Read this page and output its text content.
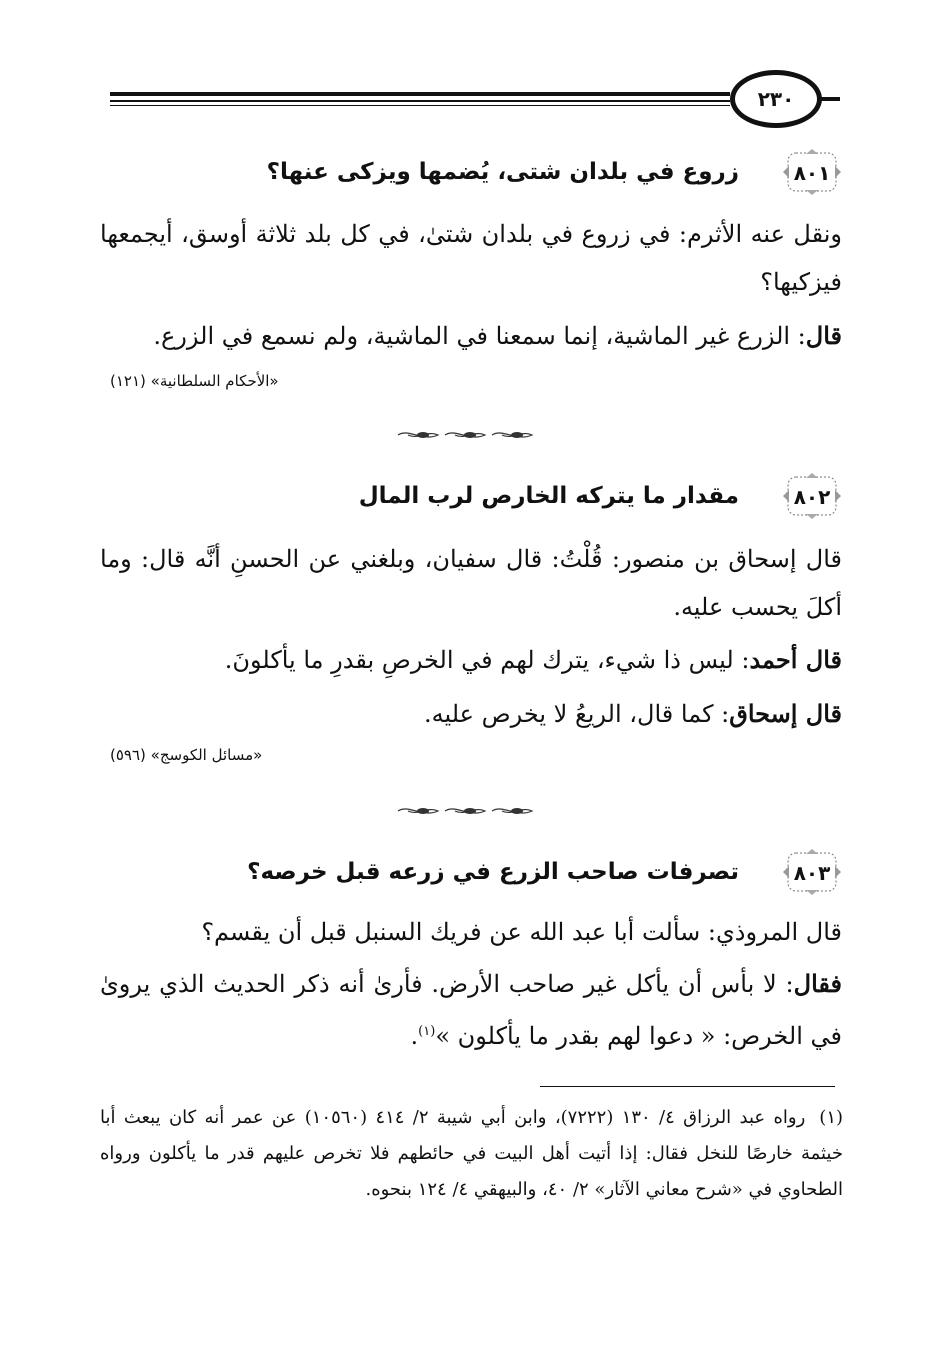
٢٣٠
٨٠١
زروع في بلدان شتى، يُضمها ويزكى عنها؟

ونقل عنه الأثرم: في زروع في بلدان شتىٰ، في كل بلد ثلاثة أوسق، أيجمعها فيزكيها؟

قال: الزرع غير الماشية، إنما سمعنا في الماشية، ولم نسمع في الزرع.

«الأحكام السلطانية» (١٢١)
٨٠٢
مقدار ما يتركه الخارص لرب المال

قال إسحاق بن منصور: قُلْتُ: قال سفيان، وبلغني عن الحسنِ أنَّه قال: وما أكلَ يحسب عليه.

قال أحمد: ليس ذا شيء، يترك لهم في الخرصِ بقدرِ ما يأكلونَ.

قال إسحاق: كما قال، الريعُ لا يخرص عليه.

«مسائل الكوسج» (٥٩٦)
٨٠٣
تصرفات صاحب الزرع في زرعه قبل خرصه؟

قال المروذي: سألت أبا عبد الله عن فريك السنبل قبل أن يقسم؟

فقال: لا بأس أن يأكل غير صاحب الأرض. فأرىٰ أنه ذكر الحديث الذي يروىٰ في الخرص: « دعوا لهم بقدر ما يأكلون »$^{(١)}$.

(١)رواه عبد الرزاق ٤/ ١٣٠ (٧٢٢٢)، وابن أبي شيبة ٢/ ٤١٤ (١٠٥٦٠) عن عمر أنه كان يبعث أبا خيثمة خارصًا للنخل فقال: إذا أتيت أهل البيت في حائطهم فلا تخرص عليهم قدر ما يأكلون ورواه الطحاوي في «شرح معاني الآثار» ٢/ ٤٠، والبيهقي ٤/ ١٢٤ بنحوه.
